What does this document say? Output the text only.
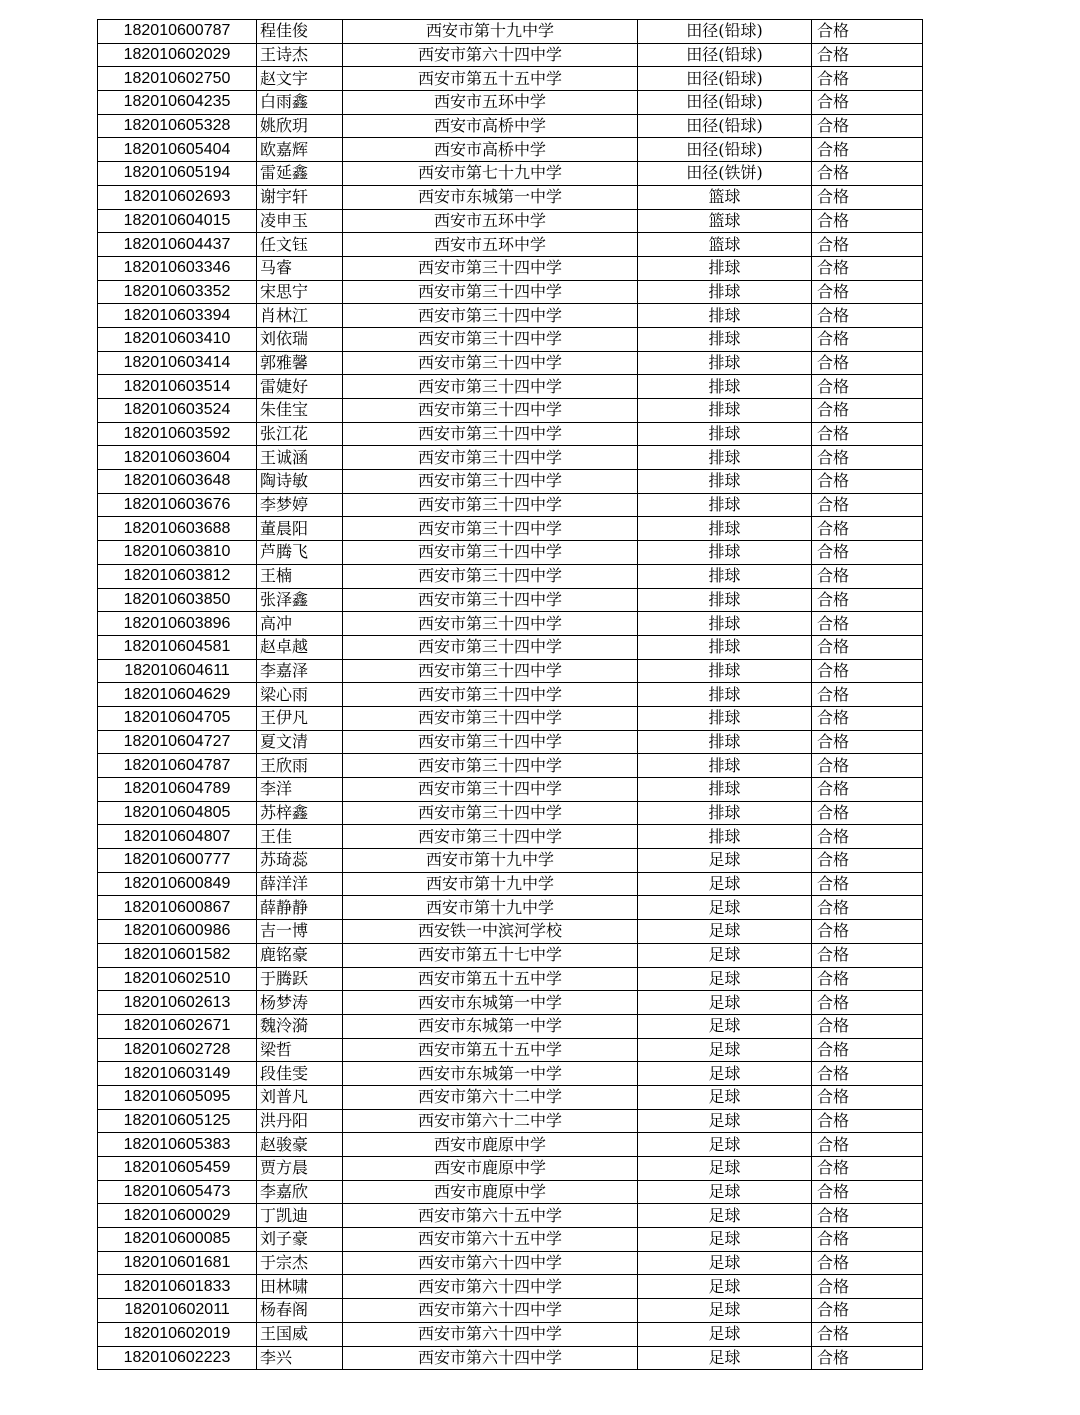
182010600787	程佳俊	西安市第十九中学	田径(铅球)	合格
182010602029	王诗杰	西安市第六十四中学	田径(铅球)	合格
182010602750	赵文宇	西安市第五十五中学	田径(铅球)	合格
182010604235	白雨鑫	西安市五环中学	田径(铅球)	合格
182010605328	姚欣玥	西安市高桥中学	田径(铅球)	合格
182010605404	欧嘉辉	西安市高桥中学	田径(铅球)	合格
182010605194	雷延鑫	西安市第七十九中学	田径(铁饼)	合格
182010602693	谢宇轩	西安市东城第一中学	篮球	合格
182010604015	凌申玉	西安市五环中学	篮球	合格
182010604437	任文钰	西安市五环中学	篮球	合格
182010603346	马睿	西安市第三十四中学	排球	合格
182010603352	宋思宁	西安市第三十四中学	排球	合格
182010603394	肖林江	西安市第三十四中学	排球	合格
182010603410	刘依瑞	西安市第三十四中学	排球	合格
182010603414	郭雅馨	西安市第三十四中学	排球	合格
182010603514	雷婕好	西安市第三十四中学	排球	合格
182010603524	朱佳宝	西安市第三十四中学	排球	合格
182010603592	张江花	西安市第三十四中学	排球	合格
182010603604	王诚涵	西安市第三十四中学	排球	合格
182010603648	陶诗敏	西安市第三十四中学	排球	合格
182010603676	李梦婷	西安市第三十四中学	排球	合格
182010603688	董晨阳	西安市第三十四中学	排球	合格
182010603810	芦腾飞	西安市第三十四中学	排球	合格
182010603812	王楠	西安市第三十四中学	排球	合格
182010603850	张泽鑫	西安市第三十四中学	排球	合格
182010603896	高冲	西安市第三十四中学	排球	合格
182010604581	赵卓越	西安市第三十四中学	排球	合格
182010604611	李嘉泽	西安市第三十四中学	排球	合格
182010604629	梁心雨	西安市第三十四中学	排球	合格
182010604705	王伊凡	西安市第三十四中学	排球	合格
182010604727	夏文清	西安市第三十四中学	排球	合格
182010604787	王欣雨	西安市第三十四中学	排球	合格
182010604789	李洋	西安市第三十四中学	排球	合格
182010604805	苏梓鑫	西安市第三十四中学	排球	合格
182010604807	王佳	西安市第三十四中学	排球	合格
182010600777	苏琦蕊	西安市第十九中学	足球	合格
182010600849	薛洋洋	西安市第十九中学	足球	合格
182010600867	薛静静	西安市第十九中学	足球	合格
182010600986	吉一博	西安铁一中滨河学校	足球	合格
182010601582	鹿铭豪	西安市第五十七中学	足球	合格
182010602510	于腾跃	西安市第五十五中学	足球	合格
182010602613	杨梦涛	西安市东城第一中学	足球	合格
182010602671	魏泠漪	西安市东城第一中学	足球	合格
182010602728	梁哲	西安市第五十五中学	足球	合格
182010603149	段佳雯	西安市东城第一中学	足球	合格
182010605095	刘普凡	西安市第六十二中学	足球	合格
182010605125	洪丹阳	西安市第六十二中学	足球	合格
182010605383	赵骏豪	西安市鹿原中学	足球	合格
182010605459	贾方晨	西安市鹿原中学	足球	合格
182010605473	李嘉欣	西安市鹿原中学	足球	合格
182010600029	丁凯迪	西安市第六十五中学	足球	合格
182010600085	刘子豪	西安市第六十五中学	足球	合格
182010601681	于宗杰	西安市第六十四中学	足球	合格
182010601833	田林啸	西安市第六十四中学	足球	合格
182010602011	杨春阁	西安市第六十四中学	足球	合格
182010602019	王国威	西安市第六十四中学	足球	合格
182010602223	李兴	西安市第六十四中学	足球	合格
